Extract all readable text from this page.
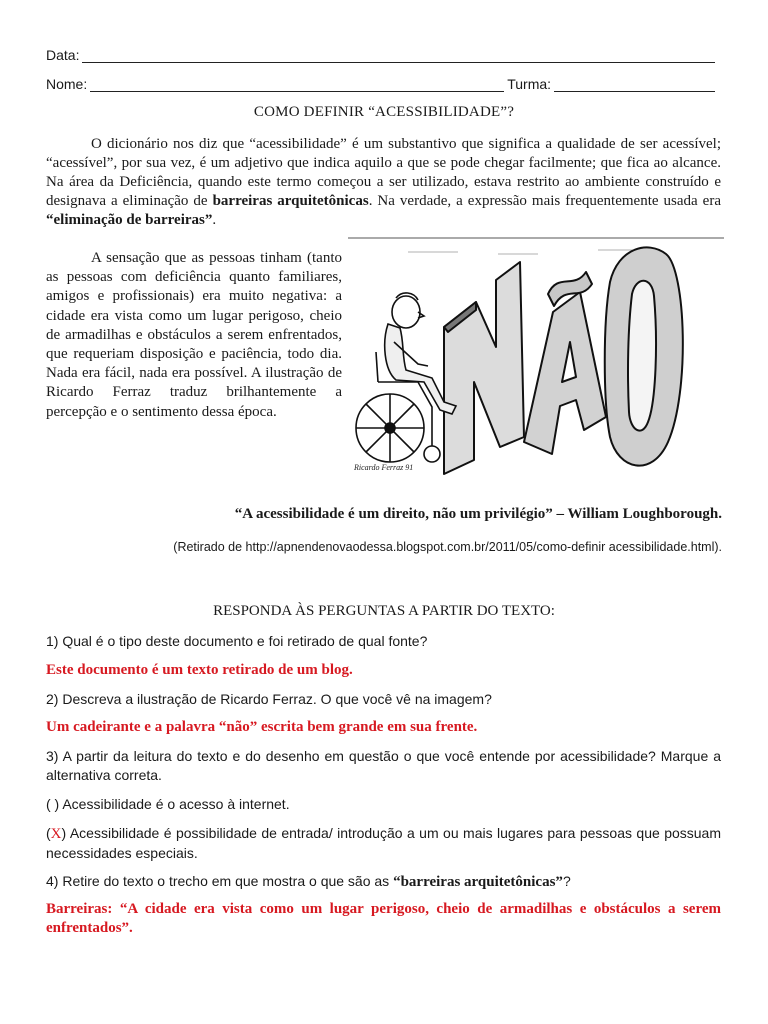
Data:
Nome:	Turma:
COMO DEFINIR “ACESSIBILIDADE”?
O dicionário nos diz que “acessibilidade” é um substantivo que significa a qualidade de ser acessível; “acessível”, por sua vez, é um adjetivo que indica aquilo a que se pode chegar facilmente; que fica ao alcance. Na área da Deficiência, quando este termo começou a ser utilizado, estava restrito ao ambiente construído e designava a eliminação de barreiras arquitetônicas. Na verdade, a expressão mais frequentemente usada era “eliminação de barreiras”.
A sensação que as pessoas tinham (tanto as pessoas com deficiência quanto familiares, amigos e profissionais) era muito negativa: a cidade era vista como um lugar perigoso, cheio de armadilhas e obstáculos a serem enfrentados, que requeriam disposição e paciência, todo dia. Nada era fácil, nada era possível. A ilustração de Ricardo Ferraz traduz brilhantemente a percepção e o sentimento dessa época.
Ricardo Ferraz 91
“A acessibilidade é um direito, não um privilégio” – William Loughborough.
(Retirado de http://apnendenovaodessa.blogspot.com.br/2011/05/como-definir acessibilidade.html).
RESPONDA ÀS PERGUNTAS A PARTIR DO TEXTO:
1) Qual é o tipo deste documento e foi retirado de qual fonte?
Este documento é um texto retirado de um blog.
2) Descreva a ilustração de Ricardo Ferraz. O que você vê na imagem?
Um cadeirante e a palavra “não” escrita bem grande em sua frente.
3) A partir da leitura do texto e do desenho em questão o que você entende por acessibilidade? Marque a alternativa correta.
( ) Acessibilidade é o acesso à internet.
(X) Acessibilidade é possibilidade de entrada/ introdução a um ou mais lugares para pessoas que possuam necessidades especiais.
4) Retire do texto o trecho em que mostra o que são as “barreiras arquitetônicas”?
Barreiras: “A cidade era vista como um lugar perigoso, cheio de armadilhas e obstáculos a serem enfrentados”.
